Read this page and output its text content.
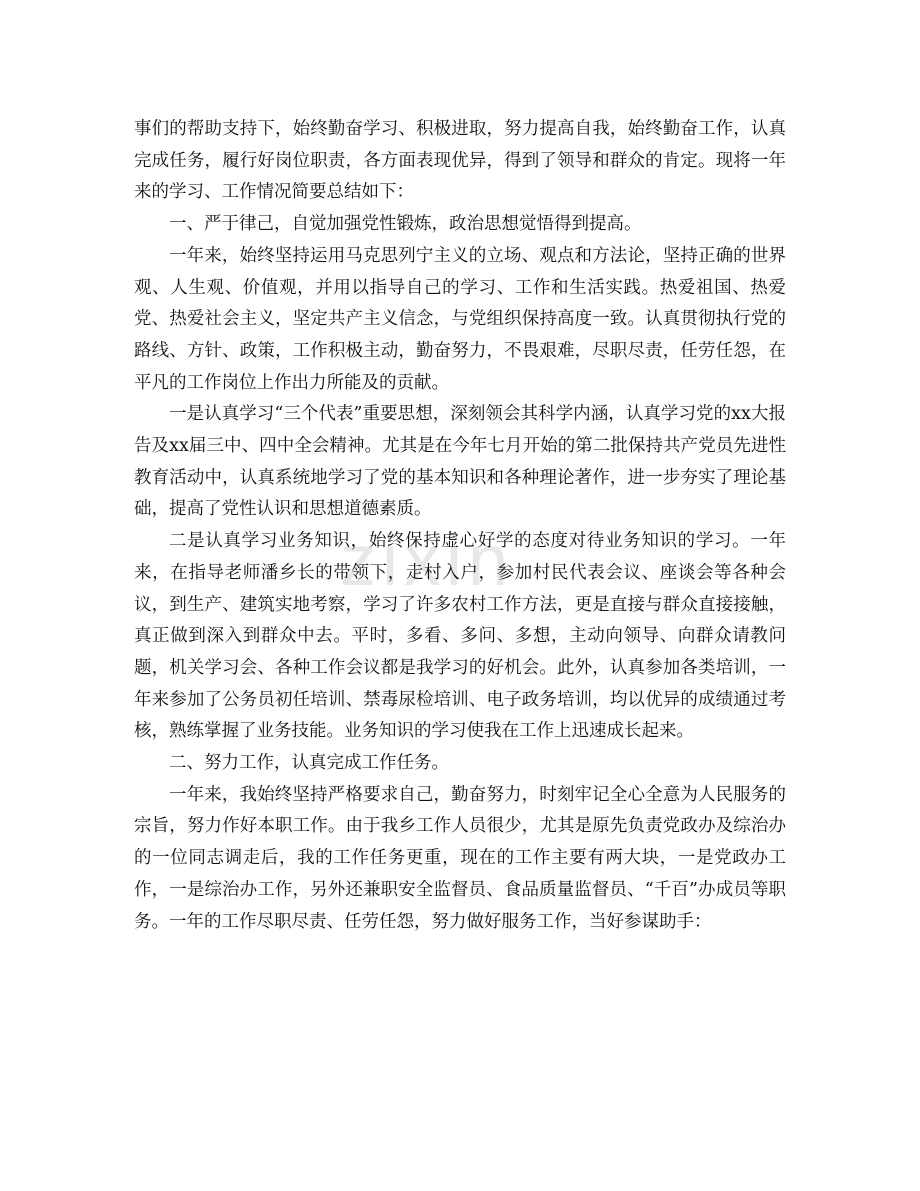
zixin

事们的帮助支持下，始终勤奋学习、积极进取，努力提高自我，始终勤奋工作，认真完成任务，履行好岗位职责，各方面表现优异，得到了领导和群众的肯定。现将一年来的学习、工作情况简要总结如下：

一、严于律己，自觉加强党性锻炼，政治思想觉悟得到提高。

一年来，始终坚持运用马克思列宁主义的立场、观点和方法论，坚持正确的世界观、人生观、价值观，并用以指导自己的学习、工作和生活实践。热爱祖国、热爱党、热爱社会主义，坚定共产主义信念，与党组织保持高度一致。认真贯彻执行党的路线、方针、政策，工作积极主动，勤奋努力，不畏艰难，尽职尽责，任劳任怨，在平凡的工作岗位上作出力所能及的贡献。

一是认真学习“三个代表”重要思想，深刻领会其科学内涵，认真学习党的xx大报告及xx届三中、四中全会精神。尤其是在今年七月开始的第二批保持共产党员先进性教育活动中，认真系统地学习了党的基本知识和各种理论著作，进一步夯实了理论基础，提高了党性认识和思想道德素质。

二是认真学习业务知识，始终保持虚心好学的态度对待业务知识的学习。一年来，在指导老师潘乡长的带领下，走村入户，参加村民代表会议、座谈会等各种会议，到生产、建筑实地考察，学习了许多农村工作方法，更是直接与群众直接接触，真正做到深入到群众中去。平时，多看、多问、多想，主动向领导、向群众请教问题，机关学习会、各种工作会议都是我学习的好机会。此外，认真参加各类培训，一年来参加了公务员初任培训、禁毒尿检培训、电子政务培训，均以优异的成绩通过考核，熟练掌握了业务技能。业务知识的学习使我在工作上迅速成长起来。

二、努力工作，认真完成工作任务。

一年来，我始终坚持严格要求自己，勤奋努力，时刻牢记全心全意为人民服务的宗旨，努力作好本职工作。由于我乡工作人员很少，尤其是原先负责党政办及综治办的一位同志调走后，我的工作任务更重，现在的工作主要有两大块，一是党政办工作，一是综治办工作，另外还兼职安全监督员、食品质量监督员、“千百”办成员等职务。一年的工作尽职尽责、任劳任怨，努力做好服务工作，当好参谋助手：
